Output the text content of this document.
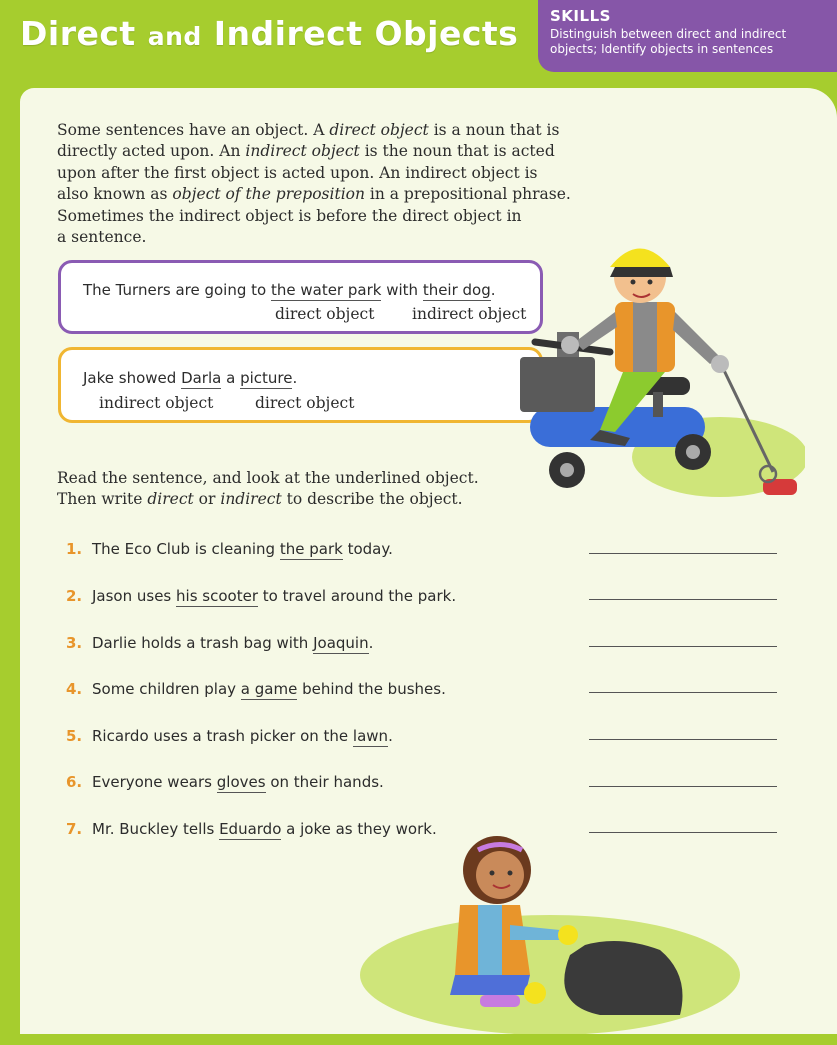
Direct and Indirect Objects SKILLS
Distinguish between direct and indirect
objects; Identify objects in sentences

Some sentences have an object. A direct object is a noun that is
directly acted upon. An indirect object is the noun that is acted
upon after the first object is acted upon. An indirect object is
also known as object of the preposition in a prepositional phrase.
Sometimes the indirect object is before the direct object in
a sentence.

The Turners are going to the water park with their dog.
direct object indirect object
Jake showed Darla a picture.
indirect object	direct object
Read the sentence, and look at the underlined object.
Then write direct or indirect to describe the object.
1. The Eco Club is cleaning the park today.
2. Jason uses his scooter to travel around the park.
3. Darlie holds a trash bag with Joaquin.
4. Some children play a game behind the bushes.
5. Ricardo uses a trash picker on the lawn.
6. Everyone wears gloves on their hands.
7. Mr. Buckley tells Eduardo a joke as they work.
